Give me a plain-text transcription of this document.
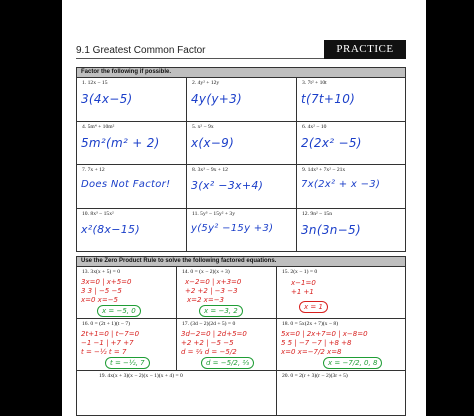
9.1 Greatest Common Factor	PRACTICE
Factor the following if possible.
1. 12x − 15
3(4x−5)
2. 4y² + 12y
4y(y+3)
3. 7t² + 10t
t(7t+10)
4. 5m⁴ + 10m²
5m²(m² + 2)
5. x² − 9x
x(x−9)
6. 4x² − 10
2(2x² −5)
7. 7x + 12
Does Not Factor!
8. 3x³ − 9x + 12
3(x² −3x+4)
9. 14x³ + 7x² − 21x
7x(2x² + x −3)
10. 8x³ − 15x²
x²(8x−15)
11. 5y³ − 15y² + 3y
y(5y² −15y +3)
12. 9n² − 15n
3n(3n−5)
Use the Zero Product Rule to solve the following factored equations.
13. 3x(x + 5) = 0
3x=0 | x+5=0
3 3 | −5 −5
x=0 x=−5
x = −5, 0
14. 0 = (x − 2)(x + 3)
x−2=0 | x+3=0
+2 +2 | −3 −3
x=2 x=−3
x = −3, 2
15. 2(x − 1) = 0
x−1=0
+1 +1
x = 1
16. 0 = (2t + 1)(t − 7)
2t+1=0 | t−7=0
−1 −1 | +7 +7
t = −½ t = 7
t = −½, 7
17. (3d − 2)(2d + 5) = 0
3d−2=0 | 2d+5=0
+2 +2 | −5 −5
d = ⅔ d = −5/2
d = −5/2, ⅔
18. 0 = 5x(2x + 7)(x − 8)
5x=0 | 2x+7=0 | x−8=0
5 5 | −7 −7 | +8 +8
x=0 x=−7/2 x=8
x = −7/2, 0, 8
19. 4x(x + 3)(x − 2)(x − 1)(x + 4) = 0	20. 0 = 2(r + 3)(r − 2)(3r + 5)
